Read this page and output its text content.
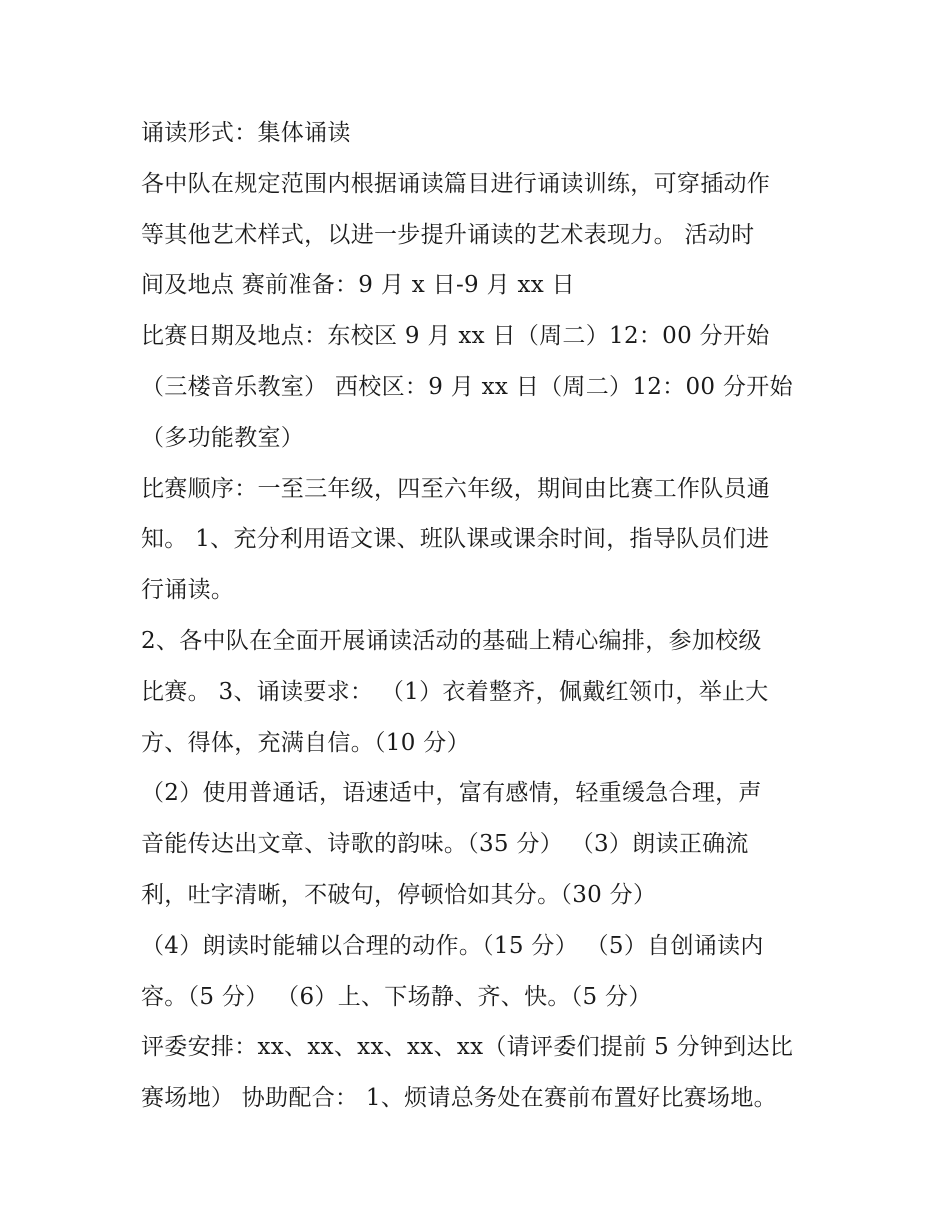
诵读形式：集体诵读
各中队在规定范围内根据诵读篇目进行诵读训练，可穿插动作
等其他艺术样式，以进一步提升诵读的艺术表现力。 活动时
间及地点 赛前准备：9 月 x 日-9 月 xx 日
比赛日期及地点：东校区 9 月 xx 日（周二）12：00 分开始
（三楼音乐教室） 西校区：9 月 xx 日（周二）12：00 分开始
（多功能教室）
比赛顺序：一至三年级，四至六年级，期间由比赛工作队员通
知。 1、充分利用语文课、班队课或课余时间，指导队员们进
行诵读。
2、各中队在全面开展诵读活动的基础上精心编排，参加校级
比赛。 3、诵读要求： （1）衣着整齐，佩戴红领巾，举止大
方、得体，充满自信。（10 分）
（2）使用普通话，语速适中，富有感情，轻重缓急合理，声
音能传达出文章、诗歌的韵味。（35 分） （3）朗读正确流
利，吐字清晰，不破句，停顿恰如其分。（30 分）
（4）朗读时能辅以合理的动作。（15 分） （5）自创诵读内
容。（5 分） （6）上、下场静、齐、快。（5 分）
评委安排：xx、xx、xx、xx、xx（请评委们提前 5 分钟到达比
赛场地） 协助配合： 1、烦请总务处在赛前布置好比赛场地。
